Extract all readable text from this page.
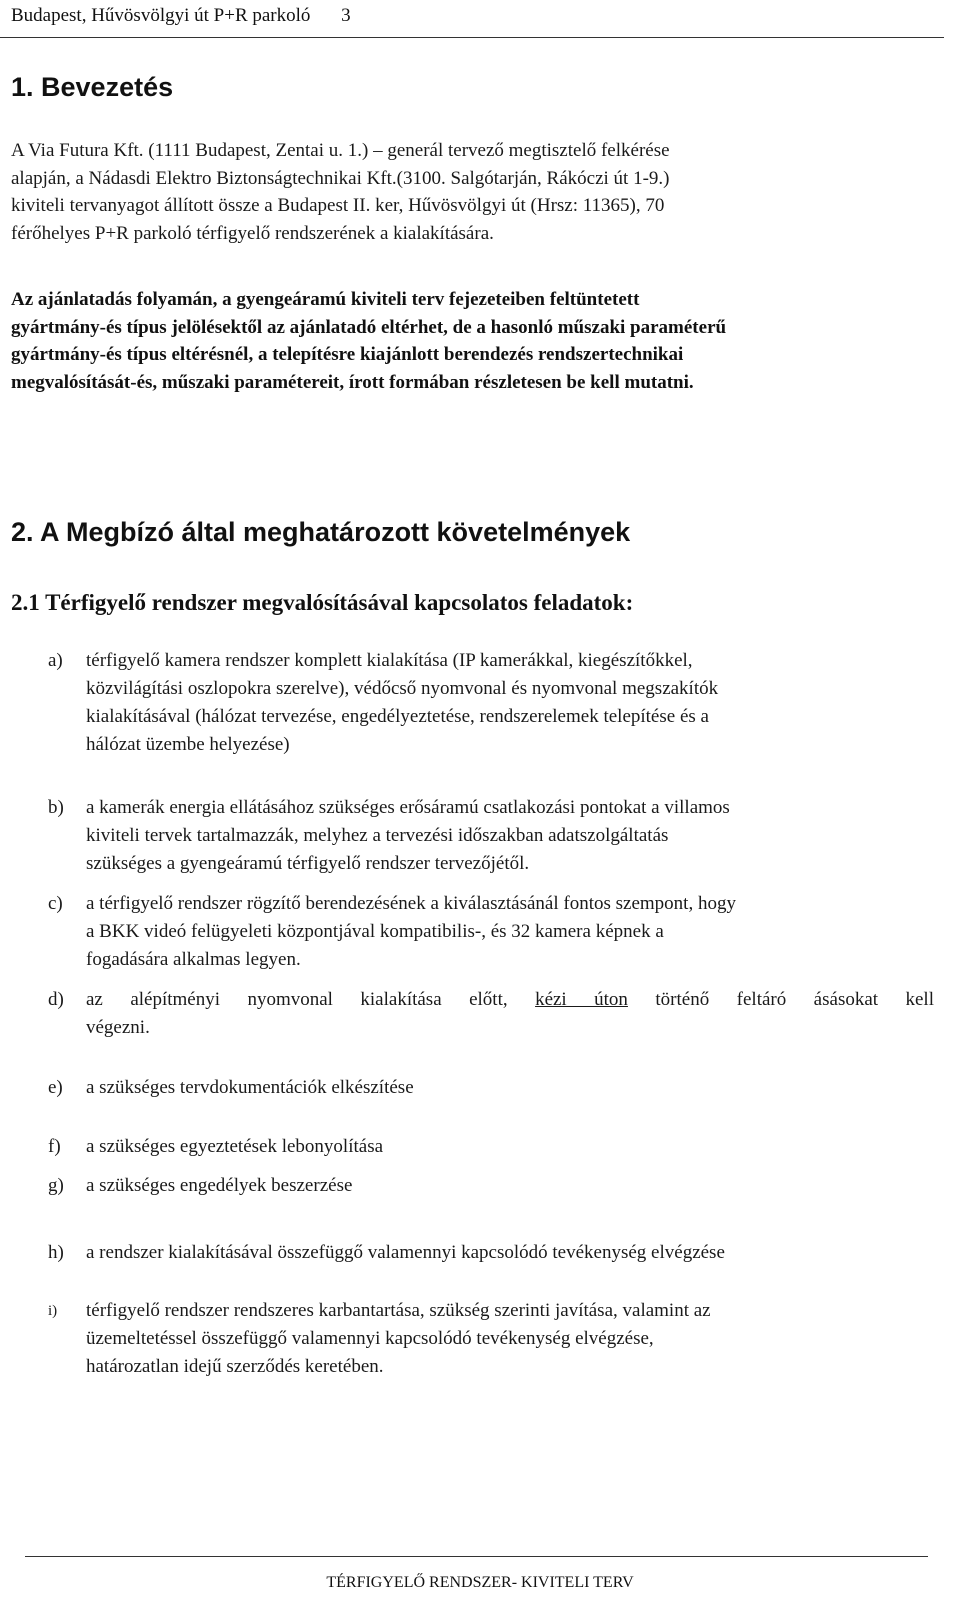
Budapest, Hűvösvölgyi út P+R parkoló 3
1. Bevezetés
A Via Futura Kft. (1111 Budapest, Zentai u. 1.) – generál tervező megtisztelő felkérése
alapján, a Nádasdi Elektro Biztonságtechnikai Kft.(3100. Salgótarján, Rákóczi út 1-9.)
kiviteli tervanyagot állított össze a Budapest II. ker, Hűvösvölgyi út (Hrsz: 11365), 70
férőhelyes P+R parkoló térfigyelő rendszerének a kialakítására.
Az ajánlatadás folyamán, a gyengeáramú kiviteli terv fejezeteiben feltüntetett
gyártmány-és típus jelölésektől az ajánlatadó eltérhet, de a hasonló műszaki paraméterű
gyártmány-és típus eltérésnél, a telepítésre kiajánlott berendezés rendszertechnikai
megvalósítását-és, műszaki paramétereit, írott formában részletesen be kell mutatni.
2. A Megbízó által meghatározott követelmények
2.1 Térfigyelő rendszer megvalósításával kapcsolatos feladatok:
a) térfigyelő kamera rendszer komplett kialakítása (IP kamerákkal, kiegészítőkkel,
közvilágítási oszlopokra szerelve), védőcső nyomvonal és nyomvonal megszakítók
kialakításával (hálózat tervezése, engedélyeztetése, rendszerelemek telepítése és a
hálózat üzembe helyezése)
b) a kamerák energia ellátásához szükséges erősáramú csatlakozási pontokat a villamos
kiviteli tervek tartalmazzák, melyhez a tervezési időszakban adatszolgáltatás
szükséges a gyengeáramú térfigyelő rendszer tervezőjétől.
c) a térfigyelő rendszer rögzítő berendezésének a kiválasztásánál fontos szempont, hogy
a BKK videó felügyeleti központjával kompatibilis-, és 32 kamera képnek a
fogadására alkalmas legyen.
d) az alépítményi nyomvonal kialakítása előtt, kézi úton történő feltáró ásásokat kell
végezni.
e) a szükséges tervdokumentációk elkészítése
f) a szükséges egyeztetések lebonyolítása
g) a szükséges engedélyek beszerzése
h) a rendszer kialakításával összefüggő valamennyi kapcsolódó tevékenység elvégzése
i) térfigyelő rendszer rendszeres karbantartása, szükség szerinti javítása, valamint az
üzemeltetéssel összefüggő valamennyi kapcsolódó tevékenység elvégzése,
határozatlan idejű szerződés keretében.
TÉRFIGYELŐ RENDSZER- KIVITELI TERV
